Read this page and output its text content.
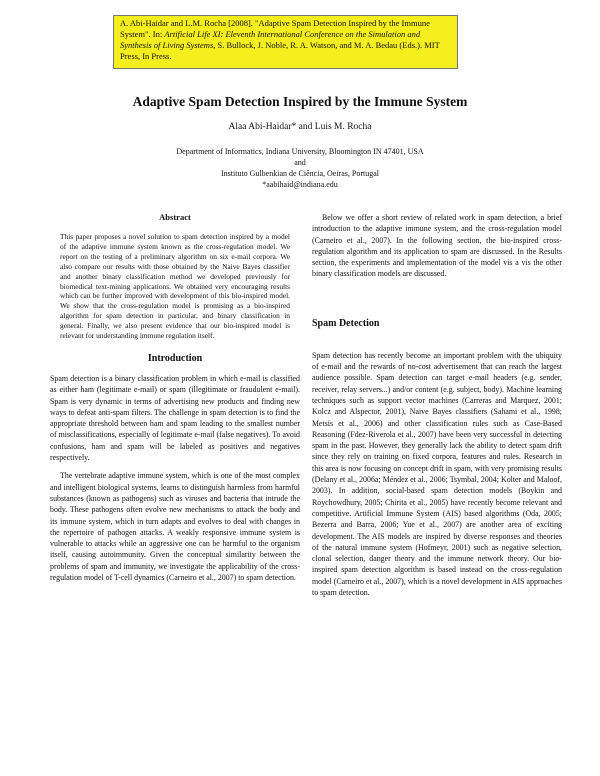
A. Abi-Haidar and L.M. Rocha [2008]. "Adaptive Spam Detection Inspired by the Immune System". In: Artificial Life XI: Eleventh International Conference on the Simulation and Synthesis of Living Systems, S. Bullock, J. Noble, R. A. Watson, and M. A. Bedau (Eds.). MIT Press, In Press.

Adaptive Spam Detection Inspired by the Immune System
Alaa Abi-Haidar* and Luis M. Rocha
Department of Informatics, Indiana University, Bloomington IN 47401, USA
and
Instituto Gulbenkian de Ciência, Oeiras, Portugal
*aabihaid@indiana.edu
Abstract

This paper proposes a novel solution to spam detection inspired by a model of the adaptive immune system known as the cross-regulation model. We report on the testing of a preliminary algorithm on six e-mail corpora. We also compare our results with those obtained by the Naive Bayes classifier and another binary classification method we developed previously for biomedical text-mining applications. We obtained very encouraging results which can be further improved with development of this bio-inspired model. We show that the cross-regulation model is promising as a bio-inspired algorithm for spam detection in particular, and binary classification in general. Finally, we also present evidence that our bio-inspired model is relevant for understanding immune regulation itself.

Introduction

Spam detection is a binary classification problem in which e-mail is classified as either ham (legitimate e-mail) or spam (illegitimate or fraudulent e-mail). Spam is very dynamic in terms of advertising new products and finding new ways to defeat anti-spam filters. The challenge in spam detection is to find the appropriate threshold between ham and spam leading to the smallest number of misclassifications, especially of legitimate e-mail (false negatives). To avoid confusions, ham and spam will be labeled as positives and negatives respectively.

The vertebrate adaptive immune system, which is one of the most complex and intelligent biological systems, learns to distinguish harmless from harmful substances (known as pathogens) such as viruses and bacteria that intrude the body. These pathogens often evolve new mechanisms to attack the body and its immune system, which in turn adapts and evolves to deal with changes in the repertoire of pathogen attacks. A weakly responsive immune system is vulnerable to attacks while an aggressive one can be harmful to the organism itself, causing autoimmunity. Given the conceptual similarity between the problems of spam and immunity, we investigate the applicability of the cross-regulation model of T-cell dynamics (Carneiro et al., 2007) to spam detection.

Below we offer a short review of related work in spam detection, a brief introduction to the adaptive immune system, and the cross-regulation model (Carneiro et al., 2007). In the following section, the bio-inspired cross-regulation algorithm and its application to spam are discussed. In the Results section, the experiments and implementation of the model vis a vis the other binary classification models are discussed.

Spam Detection

Spam detection has recently become an important problem with the ubiquity of e-mail and the rewards of no-cost advertisement that can reach the largest audience possible. Spam detection can target e-mail headers (e.g. sender, receiver, relay servers...) and/or content (e.g. subject, body). Machine learning techniques such as support vector machines (Carreras and Marquez, 2001; Kolcz and Alspector, 2001), Naive Bayes classifiers (Sahami et al., 1998; Metsis et al., 2006) and other classification rules such as Case-Based Reasoning (Fdez-Riverola et al., 2007) have been very successful in detecting spam in the past. However, they generally lack the ability to detect spam drift since they rely on training on fixed corpora, features and rules. Research in this area is now focusing on concept drift in spam, with very promising results (Delany et al., 2006a; Méndez et al., 2006; Tsymbal, 2004; Kolter and Maloof, 2003). In addition, social-based spam detection models (Boykin and Roychowdhury, 2005; Chirita et al., 2005) have recently become relevant and competitive. Artificial Immune System (AIS) based algorithms (Oda, 2005; Bezerra and Barra, 2006; Yue et al., 2007) are another area of exciting development. The AIS models are inspired by diverse responses and theories of the natural immune system (Hofmeyr, 2001) such as negative selection, clonal selection, danger theory and the immune network theory. Our bio-inspired spam detection algorithm is based instead on the cross-regulation model (Carneiro et al., 2007), which is a novel development in AIS approaches to spam detection.
